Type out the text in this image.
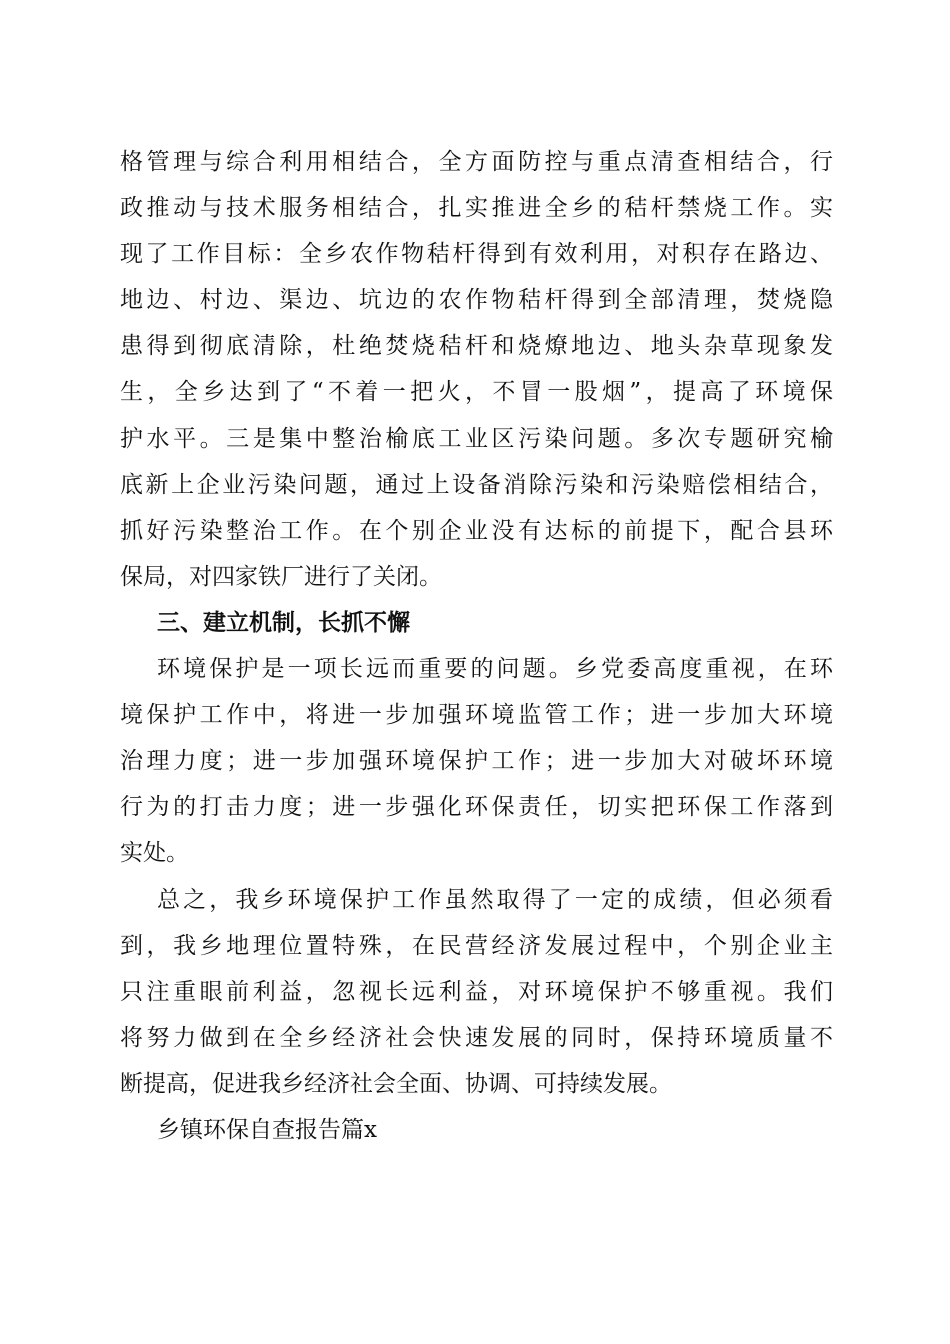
格管理与综合利用相结合，全方面防控与重点清查相结合，行
政推动与技术服务相结合，扎实推进全乡的秸杆禁烧工作。实
现了工作目标：全乡农作物秸杆得到有效利用，对积存在路边、
地边、村边、渠边、坑边的农作物秸杆得到全部清理，焚烧隐
患得到彻底清除，杜绝焚烧秸杆和烧燎地边、地头杂草现象发
生，全乡达到了“不着一把火，不冒一股烟”，提高了环境保
护水平。三是集中整治榆底工业区污染问题。多次专题研究榆
底新上企业污染问题，通过上设备消除污染和污染赔偿相结合，
抓好污染整治工作。在个别企业没有达标的前提下，配合县环
保局，对四家铁厂进行了关闭。
三、建立机制，长抓不懈
环境保护是一项长远而重要的问题。乡党委高度重视，在环
境保护工作中，将进一步加强环境监管工作；进一步加大环境
治理力度；进一步加强环境保护工作；进一步加大对破坏环境
行为的打击力度；进一步强化环保责任，切实把环保工作落到
实处。
总之，我乡环境保护工作虽然取得了一定的成绩，但必须看
到，我乡地理位置特殊，在民营经济发展过程中，个别企业主
只注重眼前利益，忽视长远利益，对环境保护不够重视。我们
将努力做到在全乡经济社会快速发展的同时，保持环境质量不
断提高，促进我乡经济社会全面、协调、可持续发展。
乡镇环保自查报告篇x
